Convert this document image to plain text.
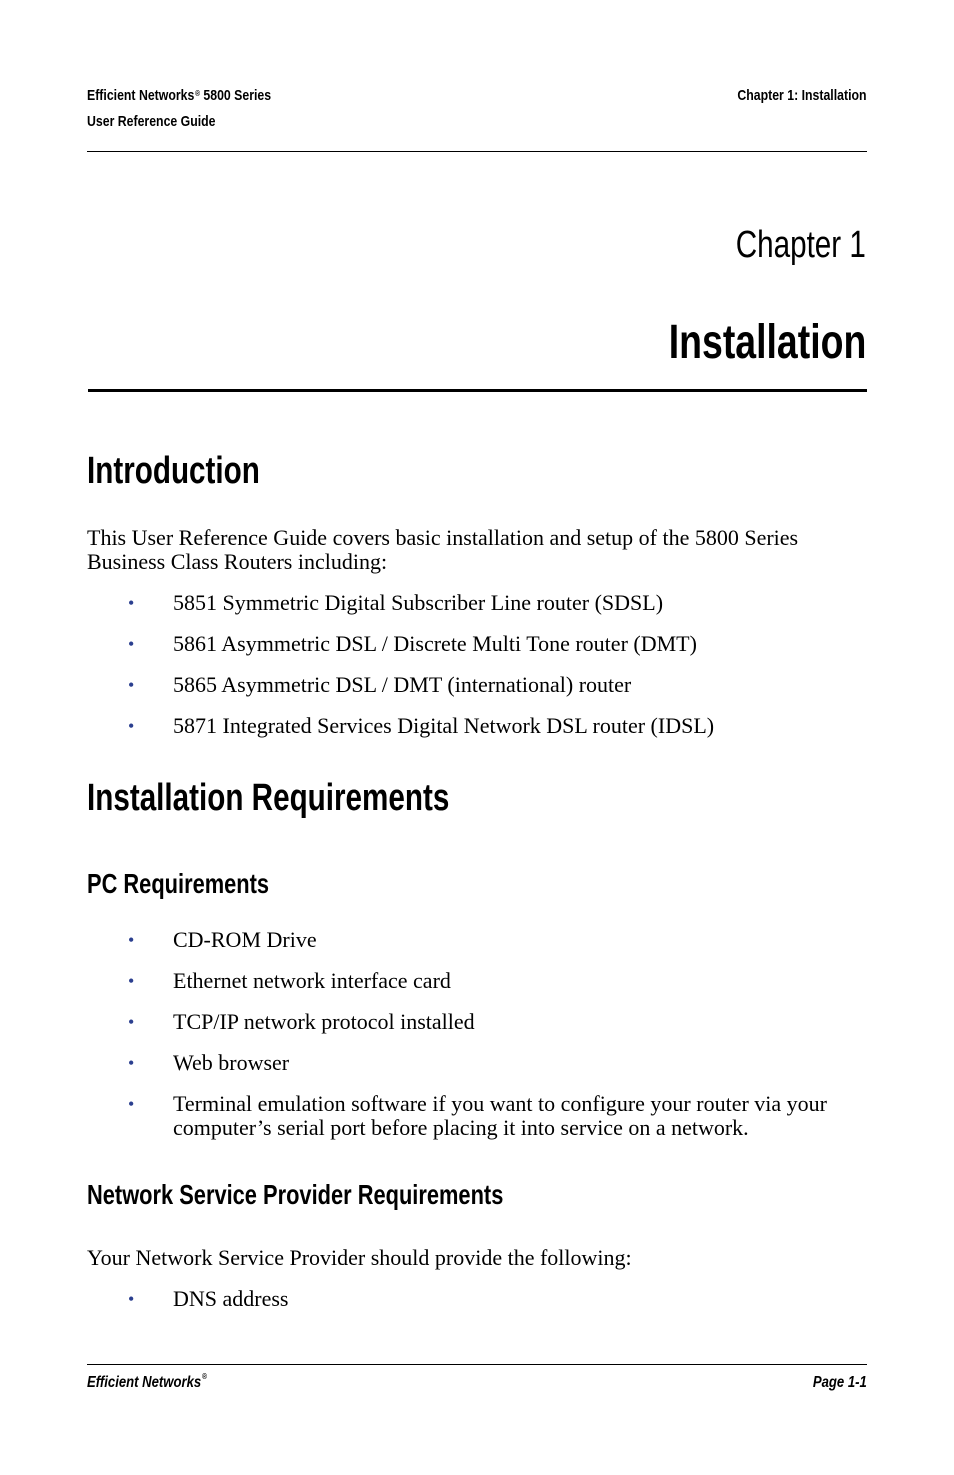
Efficient Networks® 5800 Series
User Reference Guide
Chapter 1: Installation
Chapter 1
Installation
Introduction
This User Reference Guide covers basic installation and setup of the 5800 Series Business Class Routers including:
• 5851 Symmetric Digital Subscriber Line router (SDSL)
• 5861 Asymmetric DSL / Discrete Multi Tone router (DMT)
• 5865 Asymmetric DSL / DMT (international) router
• 5871 Integrated Services Digital Network DSL router (IDSL)
Installation Requirements
PC Requirements
• CD-ROM Drive
• Ethernet network interface card
• TCP/IP network protocol installed
• Web browser
• Terminal emulation software if you want to configure your router via your computer’s serial port before placing it into service on a network.
Network Service Provider Requirements
Your Network Service Provider should provide the following:
• DNS address
Efficient Networks®	Page 1-1
